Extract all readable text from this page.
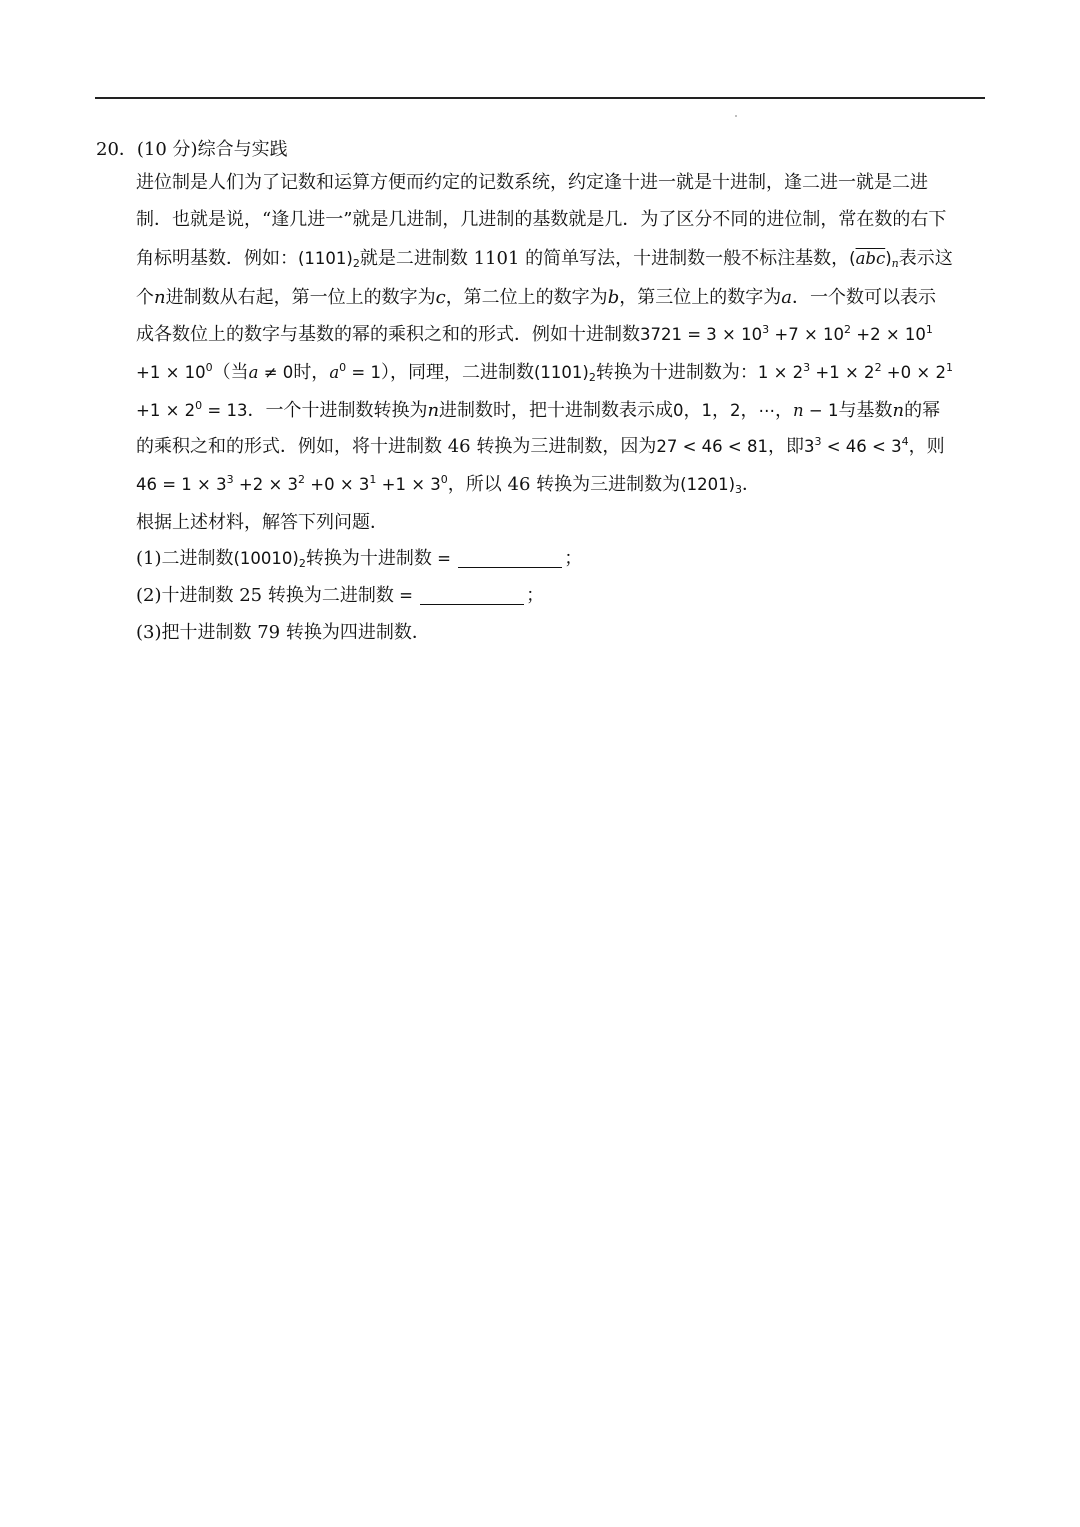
20．(10 分)综合与实践
进位制是人们为了记数和运算方便而约定的记数系统，约定逢十进一就是十进制，逢二进一就是二进
制．也就是说，“逢几进一”就是几进制，几进制的基数就是几．为了区分不同的进位制，常在数的右下
角标明基数．例如：$(1101)_2$就是二进制数 1101 的简单写法，十进制数一般不标注基数，$(\overline{abc})_n$表示这
个n进制数从右起，第一位上的数字为c，第二位上的数字为b，第三位上的数字为a．一个数可以表示
成各数位上的数字与基数的幂的乘积之和的形式．例如十进制数$3721 = 3 \times 10^3 +7 \times 10^2 +2 \times 10^1$
$+1 \times 10^0$（当a ≠ 0时，$a^0 = 1$），同理，二进制数$(1101)_2$转换为十进制数为：$1 \times 2^3 +1 \times 2^2 +0 \times 2^1$
$+1 \times 2^0 = 13$．一个十进制数转换为n进制数时，把十进制数表示成0，1，2，⋯，n − 1与基数n的幂
的乘积之和的形式．例如，将十进制数 46 转换为三进制数，因为27 < 46 < 81，即$3^3 < 46 < 3^4$，则
$46 = 1 \times 3^3 +2 \times 3^2 +0 \times 3^1 +1 \times 3^0$，所以 46 转换为三进制数为$(1201)_3$．
根据上述材料，解答下列问题．
(1)二进制数$(10010)_2$转换为十进制数 =	；
(2)十进制数 25 转换为二进制数 =	；
(3)把十进制数 79 转换为四进制数．
